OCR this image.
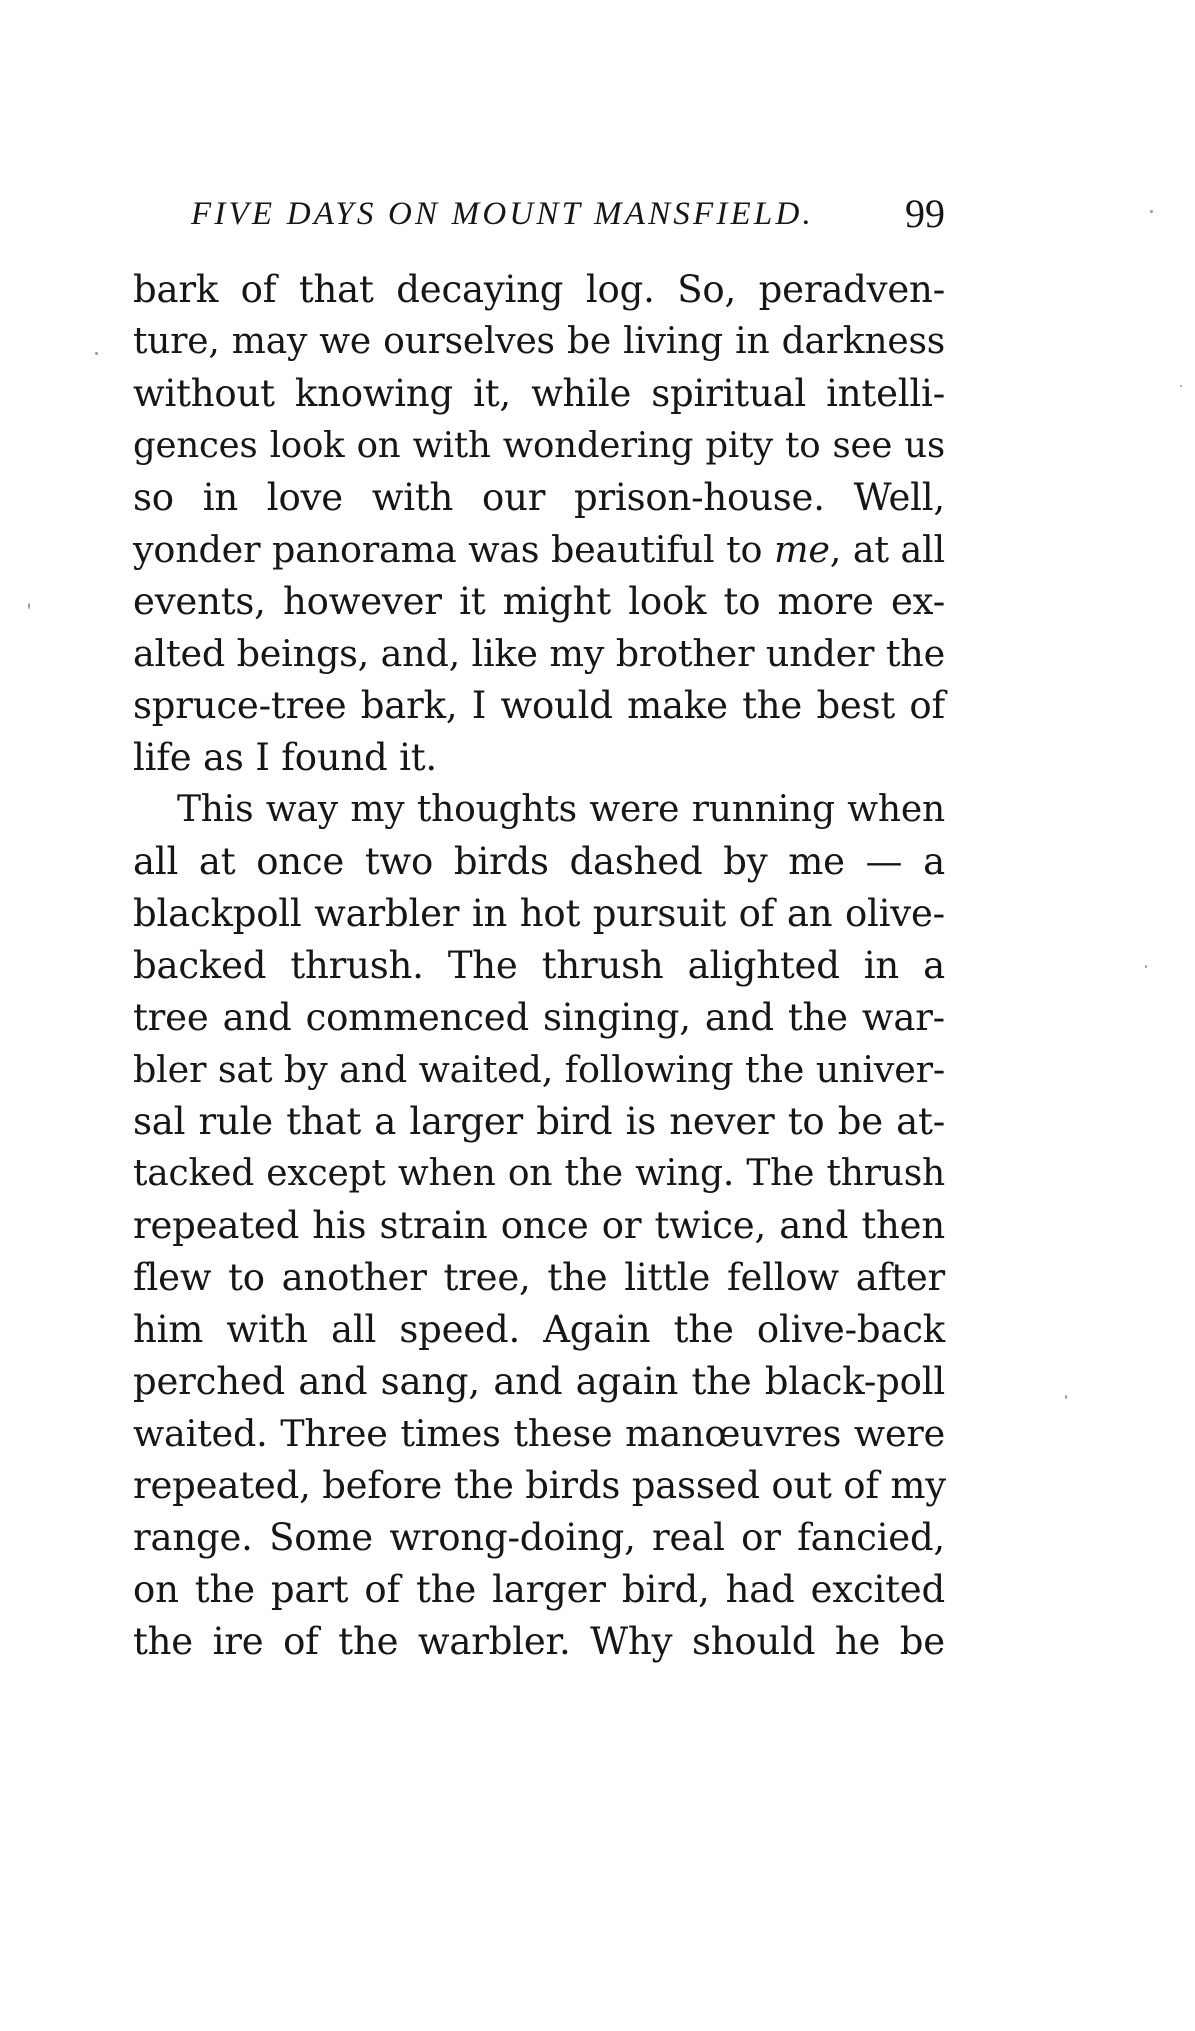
FIVE DAYS ON MOUNT MANSFIELD. 99
bark of that decaying log. So, peradven-
ture, may we ourselves be living in darkness
without knowing it, while spiritual intelli-
gences look on with wondering pity to see us
so in love with our prison-house. Well,
yonder panorama was beautiful to me, at all
events, however it might look to more ex-
alted beings, and, like my brother under the
spruce-tree bark, I would make the best of
life as I found it.
This way my thoughts were running when
all at once two birds dashed by me — a
blackpoll warbler in hot pursuit of an olive-
backed thrush. The thrush alighted in a
tree and commenced singing, and the war-
bler sat by and waited, following the univer-
sal rule that a larger bird is never to be at-
tacked except when on the wing. The thrush
repeated his strain once or twice, and then
flew to another tree, the little fellow after
him with all speed. Again the olive-back
perched and sang, and again the black-poll
waited. Three times these manœuvres were
repeated, before the birds passed out of my
range. Some wrong-doing, real or fancied,
on the part of the larger bird, had excited
the ire of the warbler. Why should he be
